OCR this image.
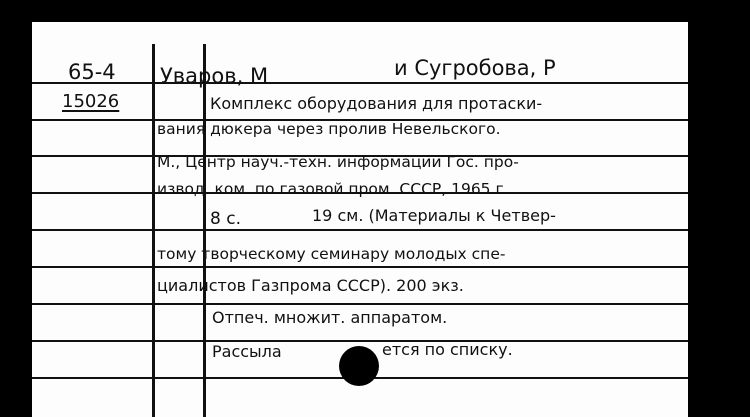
65-4
15026
Уваров, М	и Сугробова, Р
Комплекс оборудования для протаски-
вания дюкера через пролив Невельского.
М., Центр науч.-техн. информации Гос. про-
извод. ком. по газовой пром. СССР, 1965 г.
8 с.	19 см. (Материалы к Четвер-
тому творческому семинару молодых спе-
циалистов Газпрома СССР). 200 экз.
Отпеч. множит. аппаратом.
Рассыла	ется по списку.
